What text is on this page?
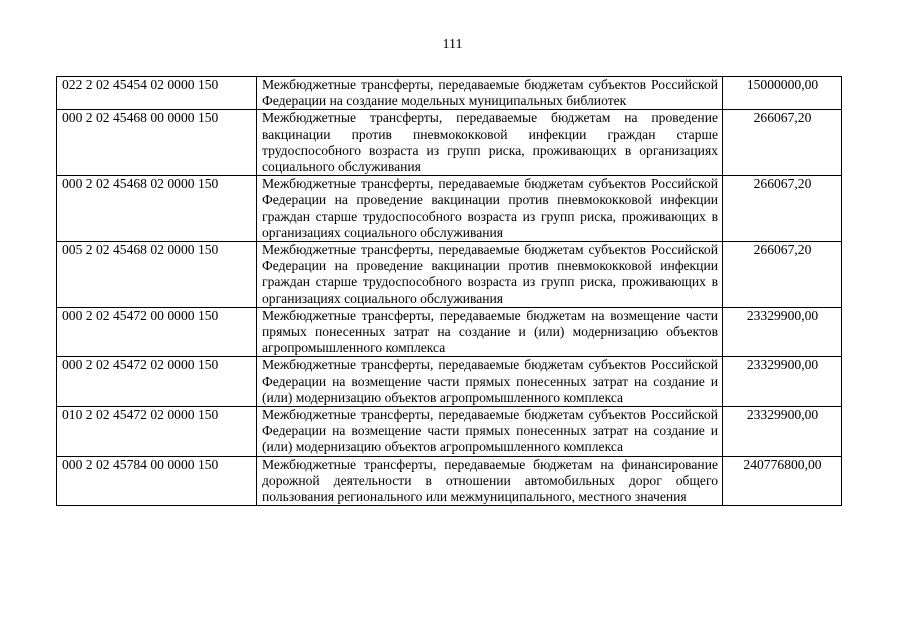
111
022 2 02 45454 02 0000 150	Межбюджетные трансферты, передаваемые бюджетам субъектов Российской Федерации на создание модельных муниципальных библиотек	15000000,00
000 2 02 45468 00 0000 150	Межбюджетные трансферты, передаваемые бюджетам на проведение вакцинации против пневмококковой инфекции граждан старше трудоспособного возраста из групп риска, проживающих в организациях социального обслуживания	266067,20
000 2 02 45468 02 0000 150	Межбюджетные трансферты, передаваемые бюджетам субъектов Российской Федерации на проведение вакцинации против пневмококковой инфекции граждан старше трудоспособного возраста из групп риска, проживающих в организациях социального обслуживания	266067,20
005 2 02 45468 02 0000 150	Межбюджетные трансферты, передаваемые бюджетам субъектов Российской Федерации на проведение вакцинации против пневмококковой инфекции граждан старше трудоспособного возраста из групп риска, проживающих в организациях социального обслуживания	266067,20
000 2 02 45472 00 0000 150	Межбюджетные трансферты, передаваемые бюджетам на возмещение части прямых понесенных затрат на создание и (или) модернизацию объектов агропромышленного комплекса	23329900,00
000 2 02 45472 02 0000 150	Межбюджетные трансферты, передаваемые бюджетам субъектов Российской Федерации на возмещение части прямых понесенных затрат на создание и (или) модернизацию объектов агропромышленного комплекса	23329900,00
010 2 02 45472 02 0000 150	Межбюджетные трансферты, передаваемые бюджетам субъектов Российской Федерации на возмещение части прямых понесенных затрат на создание и (или) модернизацию объектов агропромышленного комплекса	23329900,00
000 2 02 45784 00 0000 150	Межбюджетные трансферты, передаваемые бюджетам на финансирование дорожной деятельности в отношении автомобильных дорог общего пользования регионального или межмуниципального, местного значения	240776800,00
